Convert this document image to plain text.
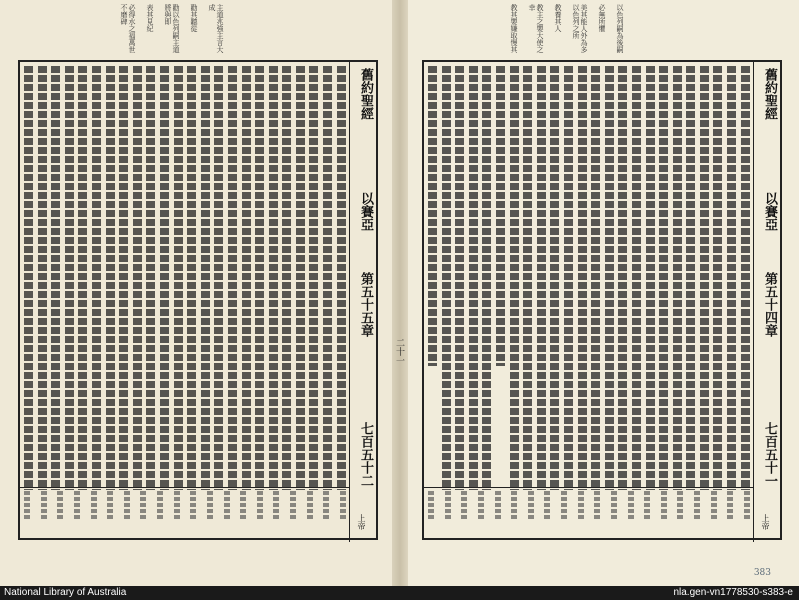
主道兆強主言大成
勸其聽從
勸以色列嗣主道將與即
表其見紀
必得水之福萬世不磨碑
舊約聖經
以賽亞
第五十五章
七百五十二
上帝
以色列嗣為後嗣
必無所懼
美其能人外為多以色列之所
教養其人
教主之嬰大使之幸
教其嬰嫌取慢其
舊約聖經
以賽亞
第五十四章
七百五十一
上帝
383
二十一
National Library of Australia	nla.gen-vn1778530-s383-e
